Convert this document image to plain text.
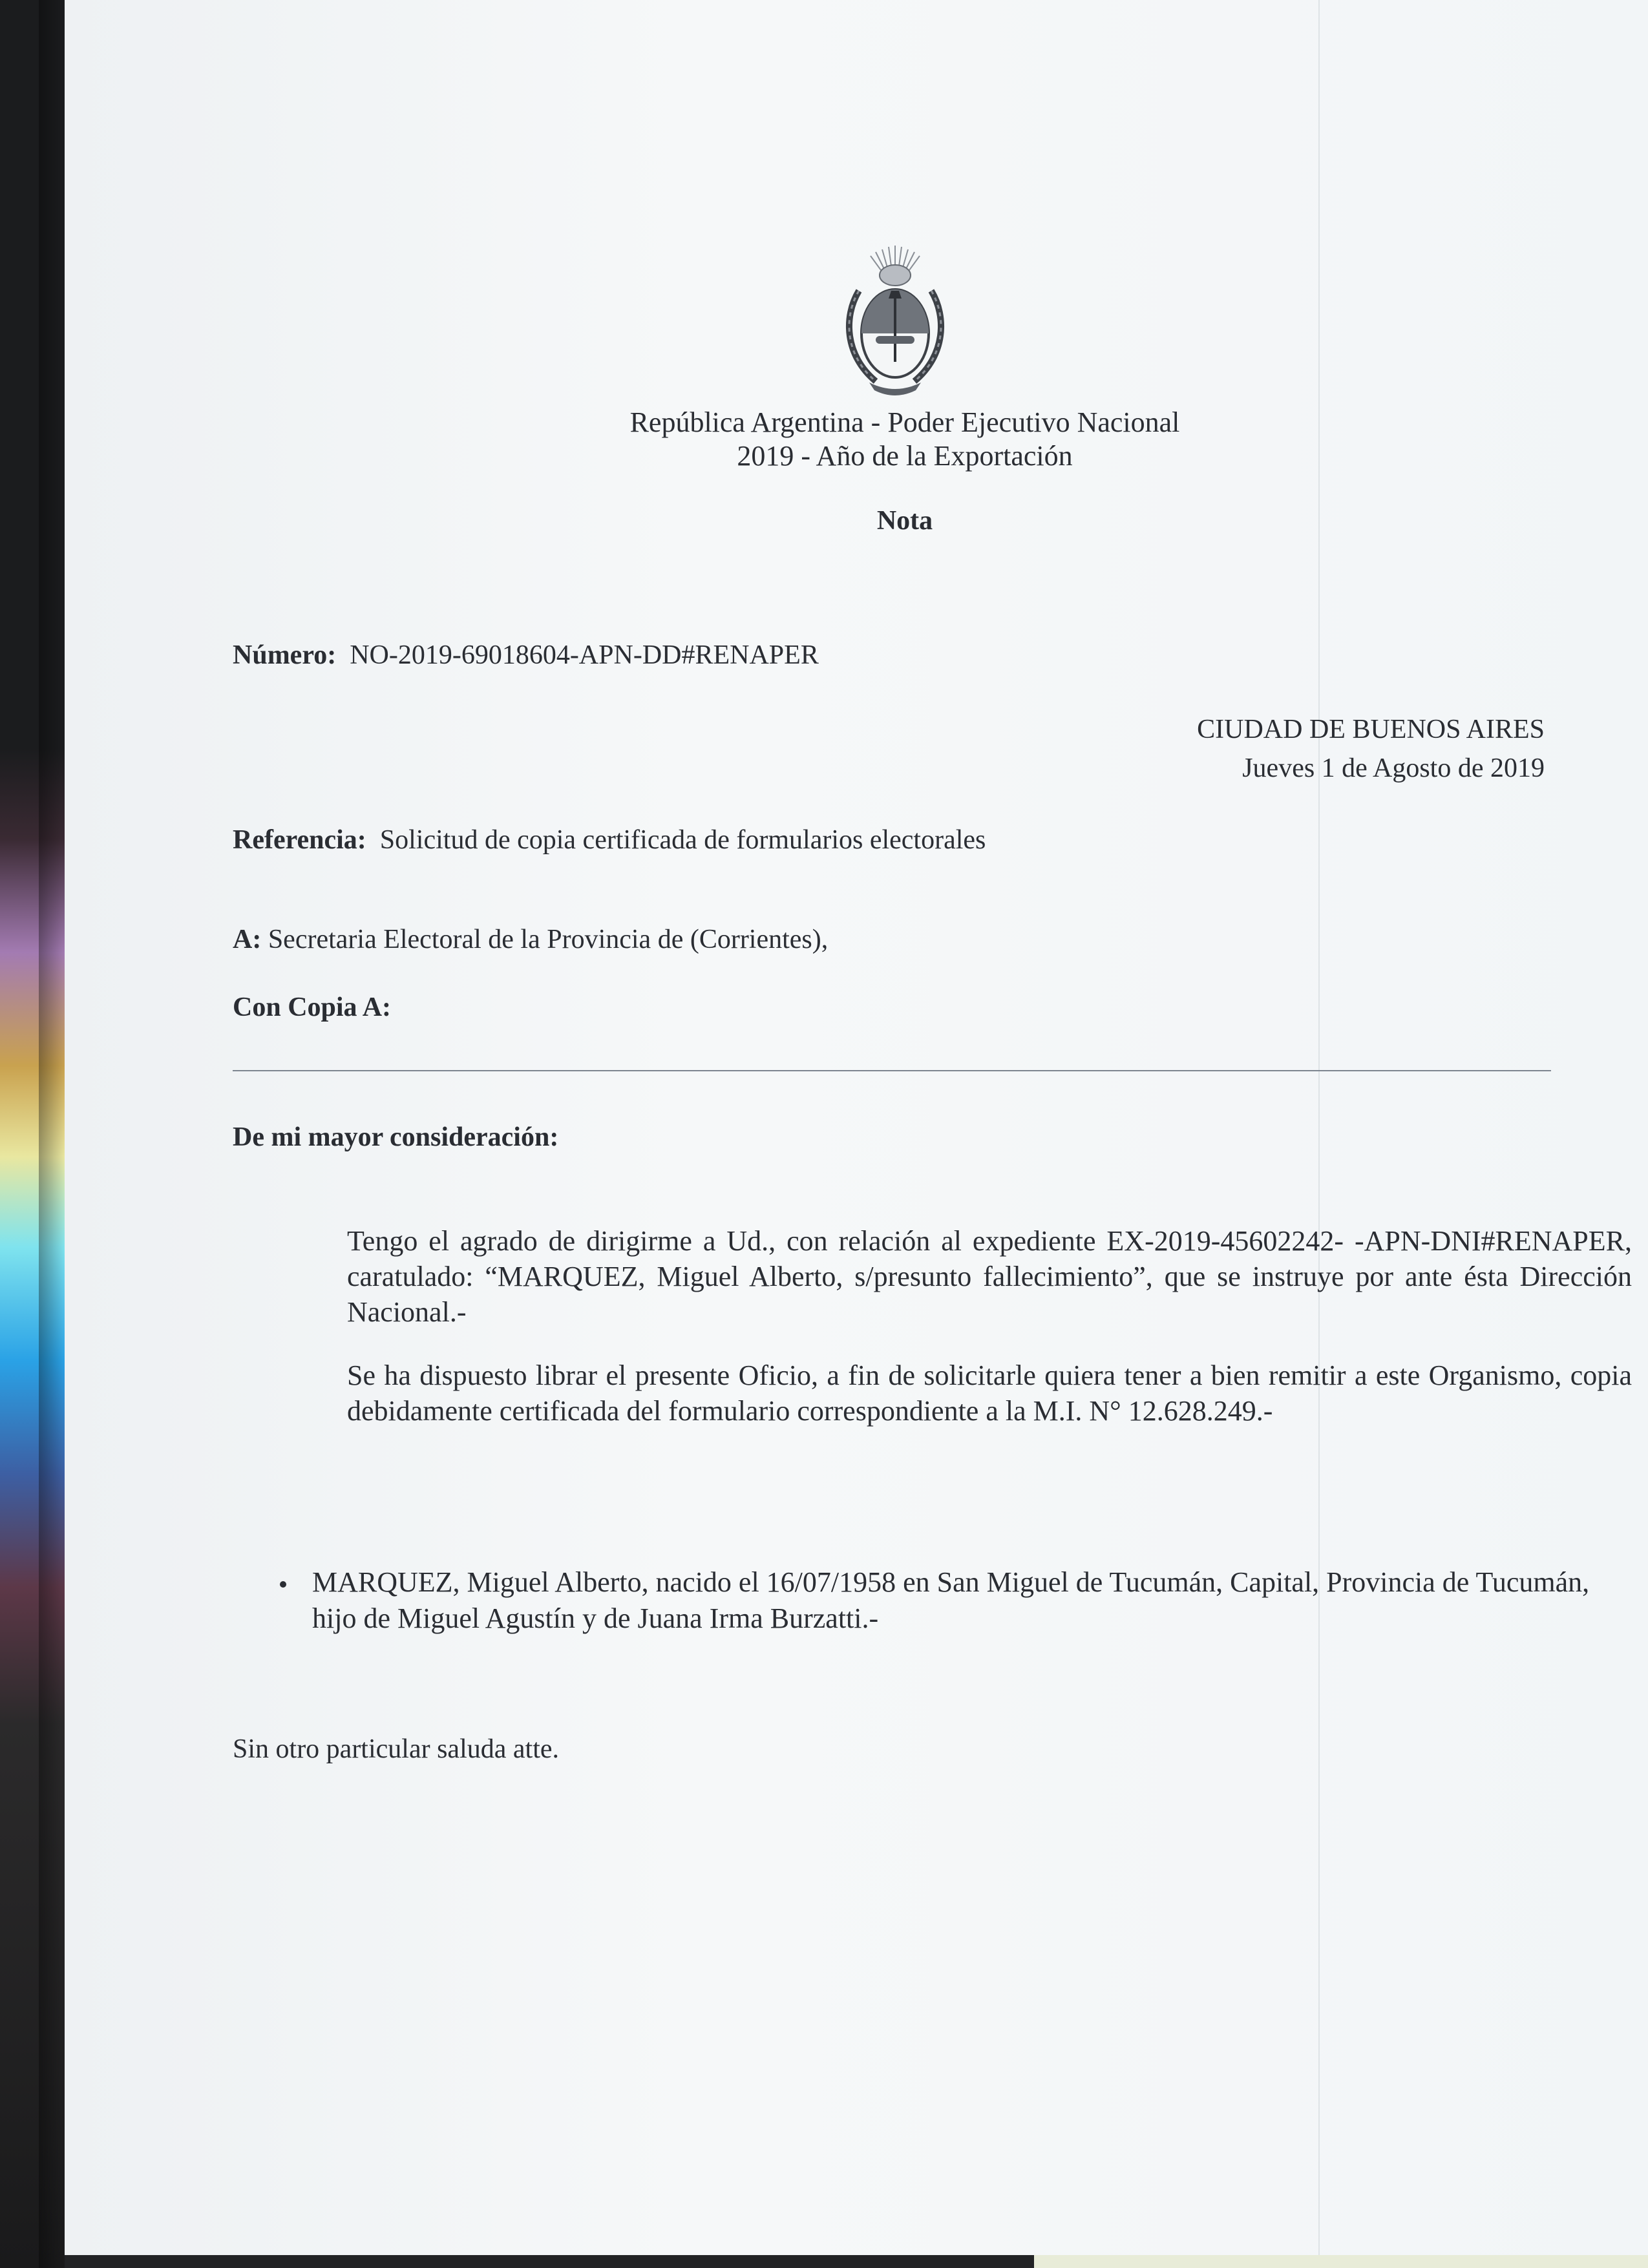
República Argentina - Poder Ejecutivo Nacional
2019 - Año de la Exportación
Nota
Número: NO-2019-69018604-APN-DD#RENAPER
CIUDAD DE BUENOS AIRES
Jueves 1 de Agosto de 2019
Referencia: Solicitud de copia certificada de formularios electorales
A: Secretaria Electoral de la Provincia de (Corrientes),
Con Copia A:
De mi mayor consideración:

Tengo el agrado de dirigirme a Ud., con relación al expediente EX-2019-45602242- -APN-DNI#RENAPER, caratulado: “MARQUEZ, Miguel Alberto, s/presunto fallecimiento”, que se instruye por ante ésta Dirección Nacional.-

Se ha dispuesto librar el presente Oficio, a fin de solicitarle quiera tener a bien remitir a este Organismo, copia debidamente certificada del formulario correspondiente a la M.I. N° 12.628.249.-

MARQUEZ, Miguel Alberto, nacido el 16/07/1958 en San Miguel de Tucumán, Capital, Provincia de Tucumán, hijo de Miguel Agustín y de Juana Irma Burzatti.-
Sin otro particular saluda atte.
